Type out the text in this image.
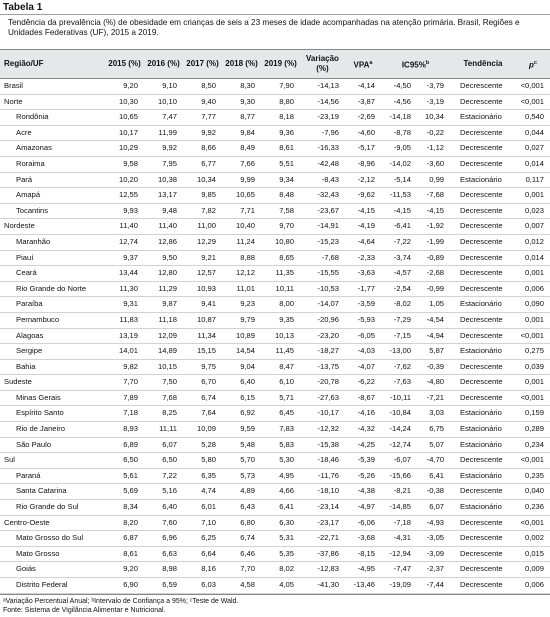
Tabela 1
Tendência da prevalência (%) de obesidade em crianças de seis a 23 meses de idade acompanhadas na atenção primária. Brasil, Regiões e Unidades Federativas (UF), 2015 a 2019.
Região/UF	2015 (%)	2016 (%)	2017 (%)	2018 (%)	2019 (%)	Variação (%)	VPA$^a$	IC95%$^b$		Tendência	$p^c$
Brasil	9,20	9,10	8,50	8,30	7,90	-14,13	-4,14	-4,50	-3,79	Decrescente	<0,001
Norte	10,30	10,10	9,40	9,30	8,80	-14,56	-3,87	-4,56	-3,19	Decrescente	<0,001
Rondônia	10,65	7,47	7,77	8,77	8,18	-23,19	-2,69	-14,18	10,34	Estacionário	0,540
Acre	10,17	11,99	9,92	9,84	9,36	-7,96	-4,60	-8,78	-0,22	Decrescente	0,044
Amazonas	10,29	9,92	8,66	8,49	8,61	-16,33	-5,17	-9,05	-1,12	Decrescente	0,027
Roraima	9,58	7,95	6,77	7,66	5,51	-42,48	-8,96	-14,02	-3,60	Decrescente	0,014
Pará	10,20	10,38	10,34	9,99	9,34	-8,43	-2,12	-5,14	0,99	Estacionário	0,117
Amapá	12,55	13,17	9,85	10,65	8,48	-32,43	-9,62	-11,53	-7,68	Decrescente	0,001
Tocantins	9,93	9,48	7,82	7,71	7,58	-23,67	-4,15	-4,15	-4,15	Decrescente	0,023
Nordeste	11,40	11,40	11,00	10,40	9,70	-14,91	-4,19	-6,41	-1,92	Decrescente	0,007
Maranhão	12,74	12,86	12,29	11,24	10,80	-15,23	-4,64	-7,22	-1,99	Decrescente	0,012
Piauí	9,37	9,50	9,21	8,88	8,65	-7,68	-2,33	-3,74	-0,89	Decrescente	0,014
Ceará	13,44	12,80	12,57	12,12	11,35	-15,55	-3,63	-4,57	-2,68	Decrescente	0,001
Rio Grande do Norte	11,30	11,29	10,93	11,01	10,11	-10,53	-1,77	-2,54	-0,99	Decrescente	0,006
Paraíba	9,31	9,87	9,41	9,23	8,00	-14,07	-3,59	-8,02	1,05	Estacionário	0,090
Pernambuco	11,83	11,18	10,87	9,79	9,35	-20,96	-5,93	-7,29	-4,54	Decrescente	0,001
Alagoas	13,19	12,09	11,34	10,89	10,13	-23,20	-6,05	-7,15	-4,94	Decrescente	<0,001
Sergipe	14,01	14,89	15,15	14,54	11,45	-18,27	-4,03	-13,00	5,87	Estacionário	0,275
Bahia	9,82	10,15	9,75	9,04	8,47	-13,75	-4,07	-7,62	-0,39	Decrescente	0,039
Sudeste	7,70	7,50	6,70	6,40	6,10	-20,78	-6,22	-7,63	-4,80	Decrescente	0,001
Minas Gerais	7,89	7,68	6,74	6,15	5,71	-27,63	-8,67	-10,11	-7,21	Decrescente	<0,001
Espírito Santo	7,18	8,25	7,64	6,92	6,45	-10,17	-4,16	-10,84	3,03	Estacionário	0,159
Rio de Janeiro	8,93	11,11	10,09	9,59	7,83	-12,32	-4,32	-14,24	6,75	Estacionário	0,289
São Paulo	6,89	6,07	5,28	5,48	5,83	-15,38	-4,25	-12,74	5,07	Estacionário	0,234
Sul	6,50	6,50	5,80	5,70	5,30	-18,46	-5,39	-6,07	-4,70	Decrescente	<0,001
Paraná	5,61	7,22	6,35	5,73	4,95	-11,76	-5,26	-15,66	6,41	Estacionário	0,235
Santa Catarina	5,69	5,16	4,74	4,89	4,66	-18,10	-4,38	-8,21	-0,38	Decrescente	0,040
Rio Grande do Sul	8,34	6,40	6,01	6,43	6,41	-23,14	-4,97	-14,85	6,07	Estacionário	0,236
Centro-Oeste	8,20	7,60	7,10	6,80	6,30	-23,17	-6,06	-7,18	-4,93	Decrescente	<0,001
Mato Grosso do Sul	6,87	6,96	6,25	6,74	5,31	-22,71	-3,68	-4,31	-3,05	Decrescente	0,002
Mato Grosso	8,61	6,63	6,64	6,46	5,35	-37,86	-8,15	-12,94	-3,09	Decrescente	0,015
Goiás	9,20	8,98	8,16	7,70	8,02	-12,83	-4,95	-7,47	-2,37	Decrescente	0,009
Distrito Federal	6,90	6,59	6,03	4,58	4,05	-41,30	-13,46	-19,09	-7,44	Decrescente	0,006
ᵃVariação Percentual Anual; ᵇIntervalo de Confiança a 95%; ᶜTeste de Wald.
Fonte: Sistema de Vigilância Alimentar e Nutricional.
